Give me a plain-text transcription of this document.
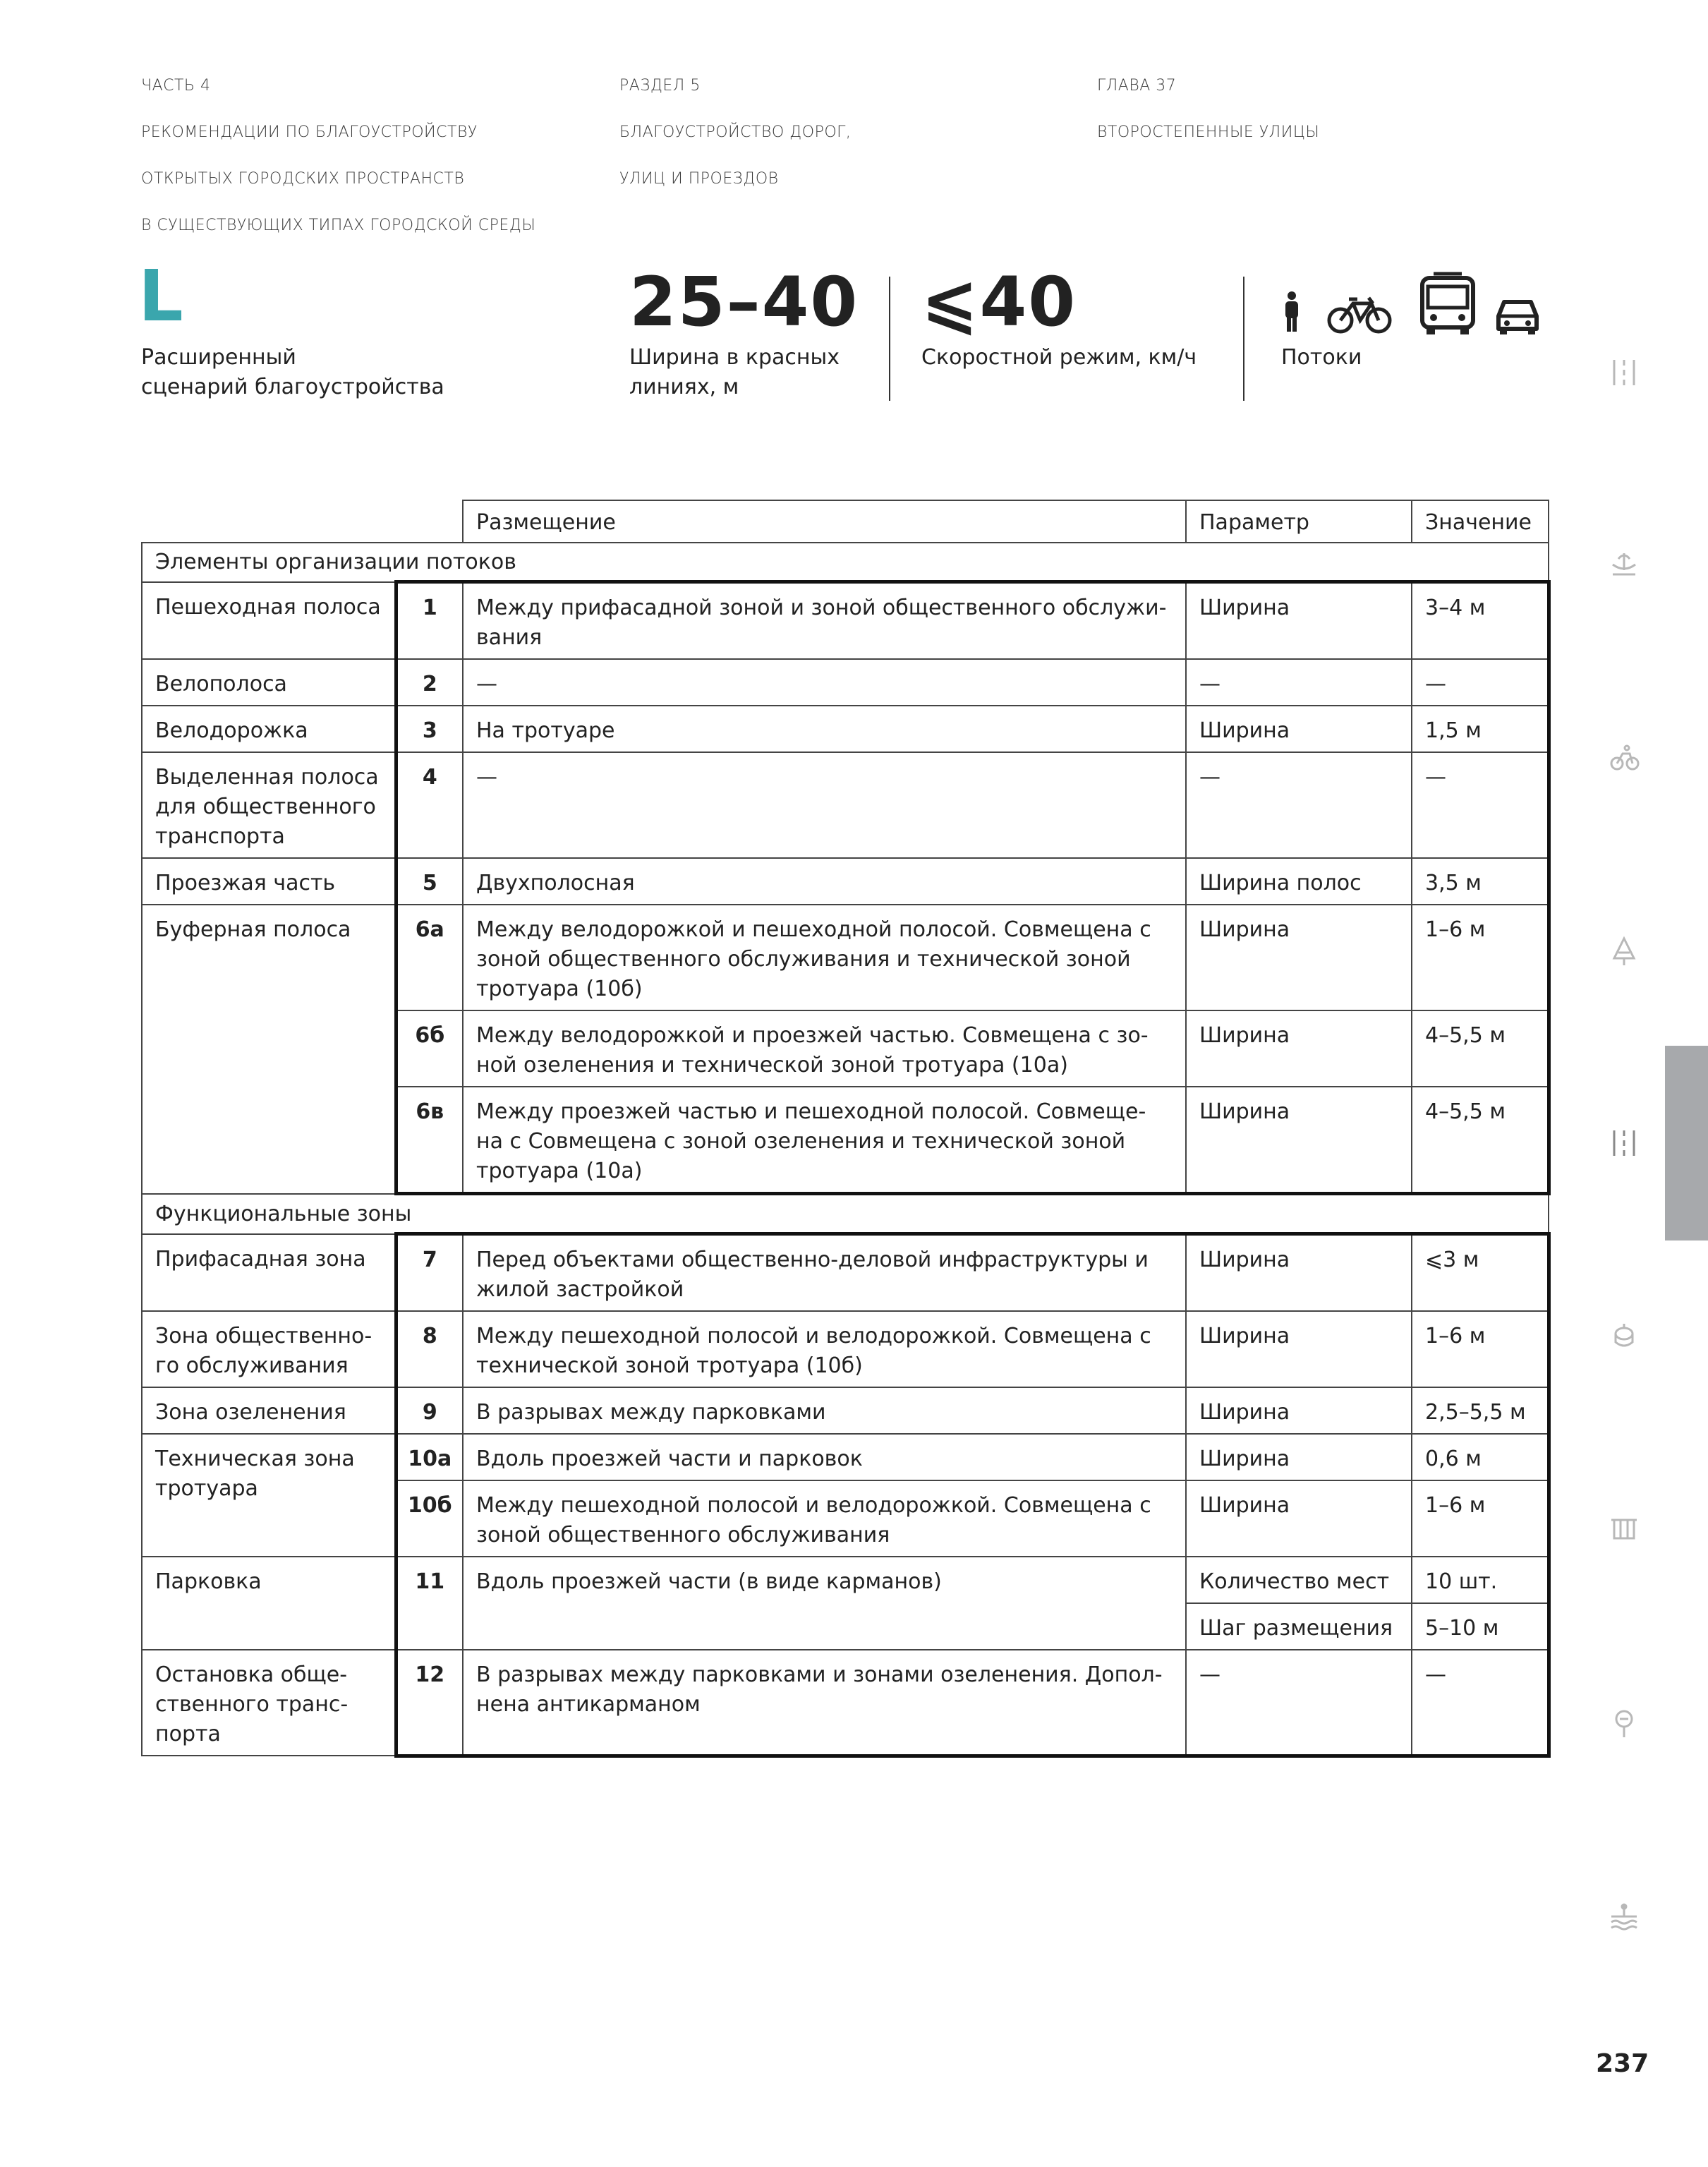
ЧАСТЬ 4

РЕКОМЕНДАЦИИ ПО БЛАГОУСТРОЙСТВУ

ОТКРЫТЫХ ГОРОДСКИХ ПРОСТРАНСТВ

В СУЩЕСТВУЮЩИХ ТИПАХ ГОРОДСКОЙ СРЕДЫ

РАЗДЕЛ 5

БЛАГОУСТРОЙСТВО ДОРОГ,

УЛИЦ И ПРОЕЗДОВ

ГЛАВА 37

ВТОРОСТЕПЕННЫЕ УЛИЦЫ

L
Расширенный
сценарий благоустройства
25–40
Ширина в красных
линиях, м
⩽40
Скоростной режим, км/ч	Потоки
		Размещение	Параметр	Значение
Элементы организации потоков				
Пешеходная полоса	1	Между прифасадной зоной и зоной общественного обслужи-вания	Ширина	3–4 м
Велополоса	2	—	—	—
Велодорожка	3	На тротуаре	Ширина	1,5 м
Выделенная полоса для общественного транспорта	4	—	—	—
Проезжая часть	5	Двухполосная	Ширина полос	3,5 м
Буферная полоса	6а	Между велодорожкой и пешеходной полосой. Совмещена с зоной общественного обслуживания и технической зоной тротуара (10б)	Ширина	1–6 м
	6б	Между велодорожкой и проезжей частью. Совмещена с зо-ной озеленения и технической зоной тротуара (10а)	Ширина	4–5,5 м
	6в	Между проезжей частью и пешеходной полосой. Совмеще-на с Совмещена с зоной озеленения и технической зоной тротуара (10а)	Ширина	4–5,5 м
Функциональные зоны				
Прифасадная зона	7	Перед объектами общественно-деловой инфраструктуры и жилой застройкой	Ширина	⩽3 м
Зона общественно-го обслуживания	8	Между пешеходной полосой и велодорожкой. Совмещена с технической зоной тротуара (10б)	Ширина	1–6 м
Зона озеленения	9	В разрывах между парковками	Ширина	2,5–5,5 м
Техническая зона тротуара	10а	Вдоль проезжей части и парковок	Ширина	0,6 м
	10б	Между пешеходной полосой и велодорожкой. Совмещена с зоной общественного обслуживания	Ширина	1–6 м
Парковка	11	Вдоль проезжей части (в виде карманов)	Количество мест	10 шт.
			Шаг размещения	5–10 м
Остановка обще-ственного транс-порта	12	В разрывах между парковками и зонами озеленения. Допол-нена антикарманом	—	—
237
